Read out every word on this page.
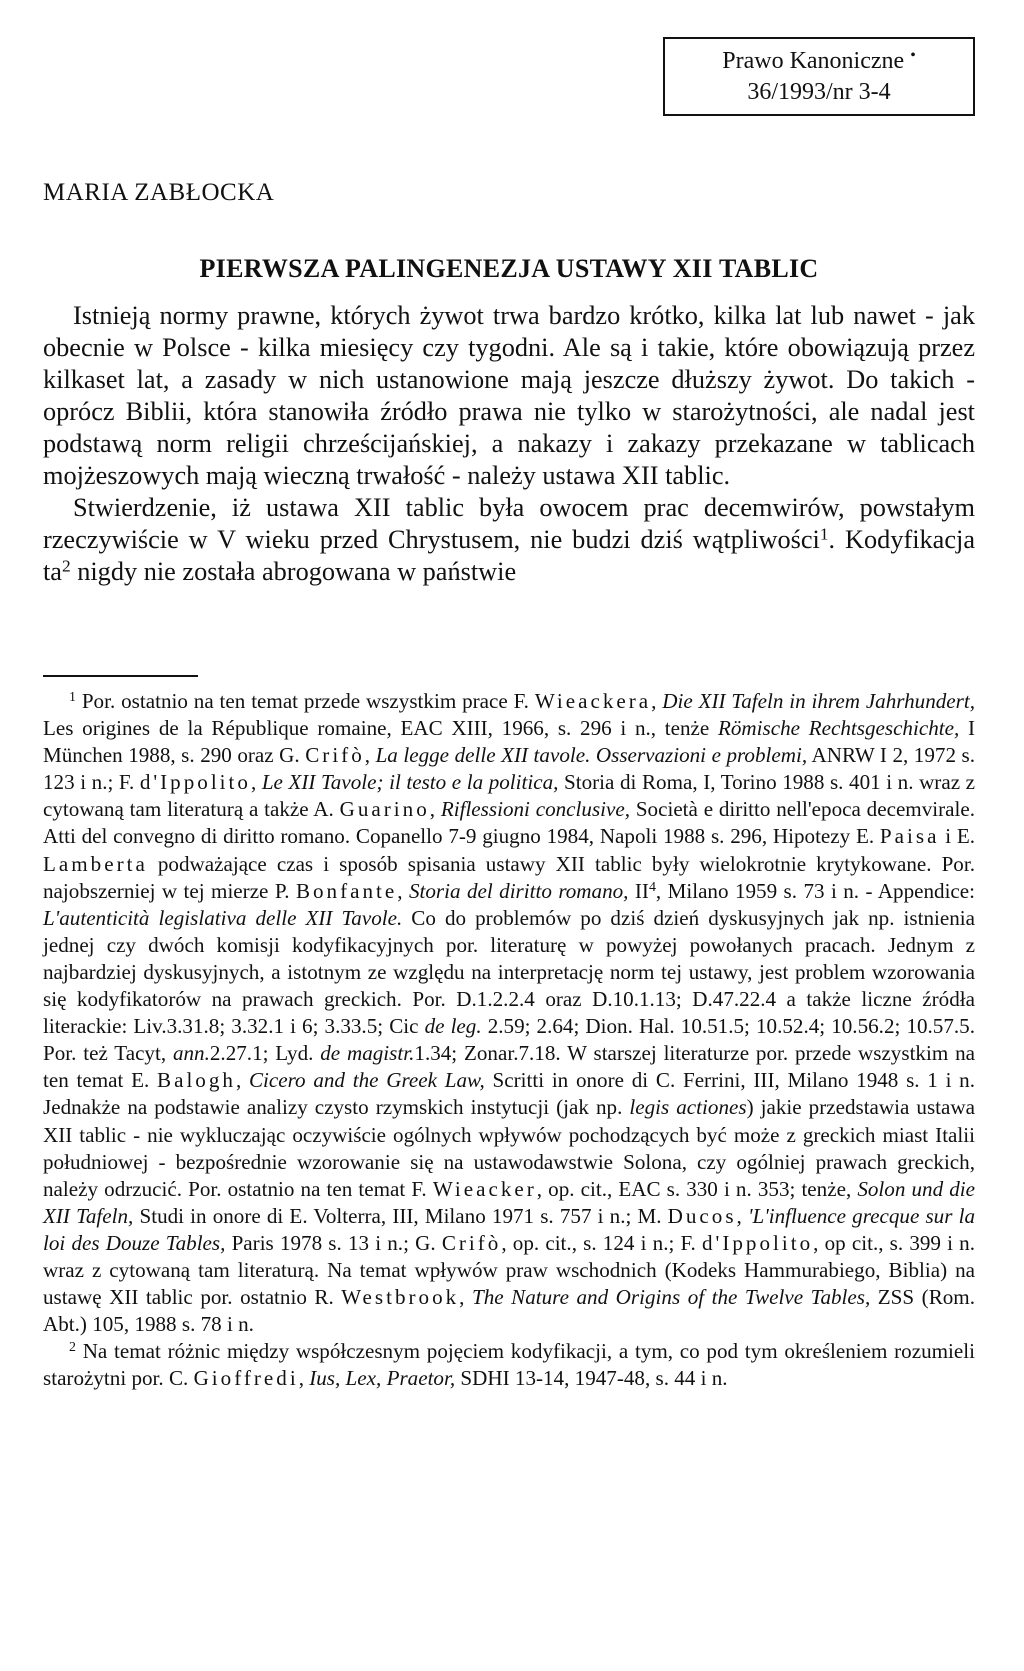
Prawo Kanoniczne •
36/1993/nr 3-4
MARIA ZABŁOCKA
PIERWSZA PALINGENEZJA USTAWY XII TABLIC

Istnieją normy prawne, których żywot trwa bardzo krótko, kilka lat lub nawet - jak obecnie w Polsce - kilka miesięcy czy tygodni. Ale są i takie, które obowiązują przez kilkaset lat, a zasady w nich ustanowione mają jeszcze dłuższy żywot. Do takich - oprócz Biblii, która stanowiła źródło prawa nie tylko w starożytności, ale nadal jest podstawą norm religii chrześcijańskiej, a nakazy i zakazy przekazane w tablicach mojżeszowych mają wieczną trwałość - należy ustawa XII tablic.

Stwierdzenie, iż ustawa XII tablic była owocem prac decemwirów, powstałym rzeczywiście w V wieku przed Chrystusem, nie budzi dziś wątpliwości$^1$. Kodyfikacja $ta^2$ nigdy nie została abrogowana w państwie

$^1$ Por. ostatnio na ten temat przede wszystkim prace F. Wieackera, Die XII Tafeln in ihrem Jahrhundert, Les origines de la République romaine, EAC XIII, 1966, s. 296 i n., tenże Römische Rechtsgeschichte, I München 1988, s. 290 oraz G. Crifò, La legge delle XII tavole. Osservazioni e problemi, ANRW I 2, 1972 s. 123 i n.; F. d'Ippolito, Le XII Tavole; il testo e la politica, Storia di Roma, I, Torino 1988 s. 401 i n. wraz z cytowaną tam literaturą a także A. Guarino, Riflessioni conclusive, Società e diritto nell'epoca decemvirale. Atti del convegno di diritto romano. Copanello 7-9 giugno 1984, Napoli 1988 s. 296, Hipotezy E. Paisa i E. Lamberta podważające czas i sposób spisania ustawy XII tablic były wielokrotnie krytykowane. Por. najobszerniej w tej mierze P. Bonfante, Storia del diritto romano, $II^4$, Milano 1959 s. 73 i n. - Appendice: L'autenticità legislativa delle XII Tavole. Co do problemów po dziś dzień dyskusyjnych jak np. istnienia jednej czy dwóch komisji kodyfikacyjnych por. literaturę w powyżej powołanych pracach. Jednym z najbardziej dyskusyjnych, a istotnym ze względu na interpretację norm tej ustawy, jest problem wzorowania się kodyfikatorów na prawach greckich. Por. D.1.2.2.4 oraz D.10.1.13; D.47.22.4 a także liczne źródła literackie: Liv.3.31.8; 3.32.1 i 6; 3.33.5; Cic de leg. 2.59; 2.64; Dion. Hal. 10.51.5; 10.52.4; 10.56.2; 10.57.5. Por. też Tacyt, ann.2.27.1; Lyd. de magistr.1.34; Zonar.7.18. W starszej literaturze por. przede wszystkim na ten temat E. Balogh, Cicero and the Greek Law, Scritti in onore di C. Ferrini, III, Milano 1948 s. 1 i n. Jednakże na podstawie analizy czysto rzymskich instytucji (jak np. legis actiones) jakie przedstawia ustawa XII tablic - nie wykluczając oczywiście ogólnych wpływów pochodzących być może z greckich miast Italii południowej - bezpośrednie wzorowanie się na ustawodawstwie Solona, czy ogólniej prawach greckich, należy odrzucić. Por. ostatnio na ten temat F. Wieacker, op. cit., EAC s. 330 i n. 353; tenże, Solon und die XII Tafeln, Studi in onore di E. Volterra, III, Milano 1971 s. 757 i n.; M. Ducos, 'L'influence grecque sur la loi des Douze Tables, Paris 1978 s. 13 i n.; G. Crifò, op. cit., s. 124 i n.; F. d'Ippolito, op cit., s. 399 i n. wraz z cytowaną tam literaturą. Na temat wpływów praw wschodnich (Kodeks Hammurabiego, Biblia) na ustawę XII tablic por. ostatnio R. Westbrook, The Nature and Origins of the Twelve Tables, ZSS (Rom. Abt.) 105, 1988 s. 78 i n.

$^2$ Na temat różnic między współczesnym pojęciem kodyfikacji, a tym, co pod tym określeniem rozumieli starożytni por. C. Gioffredi, Ius, Lex, Praetor, SDHI 13-14, 1947-48, s. 44 i n.
